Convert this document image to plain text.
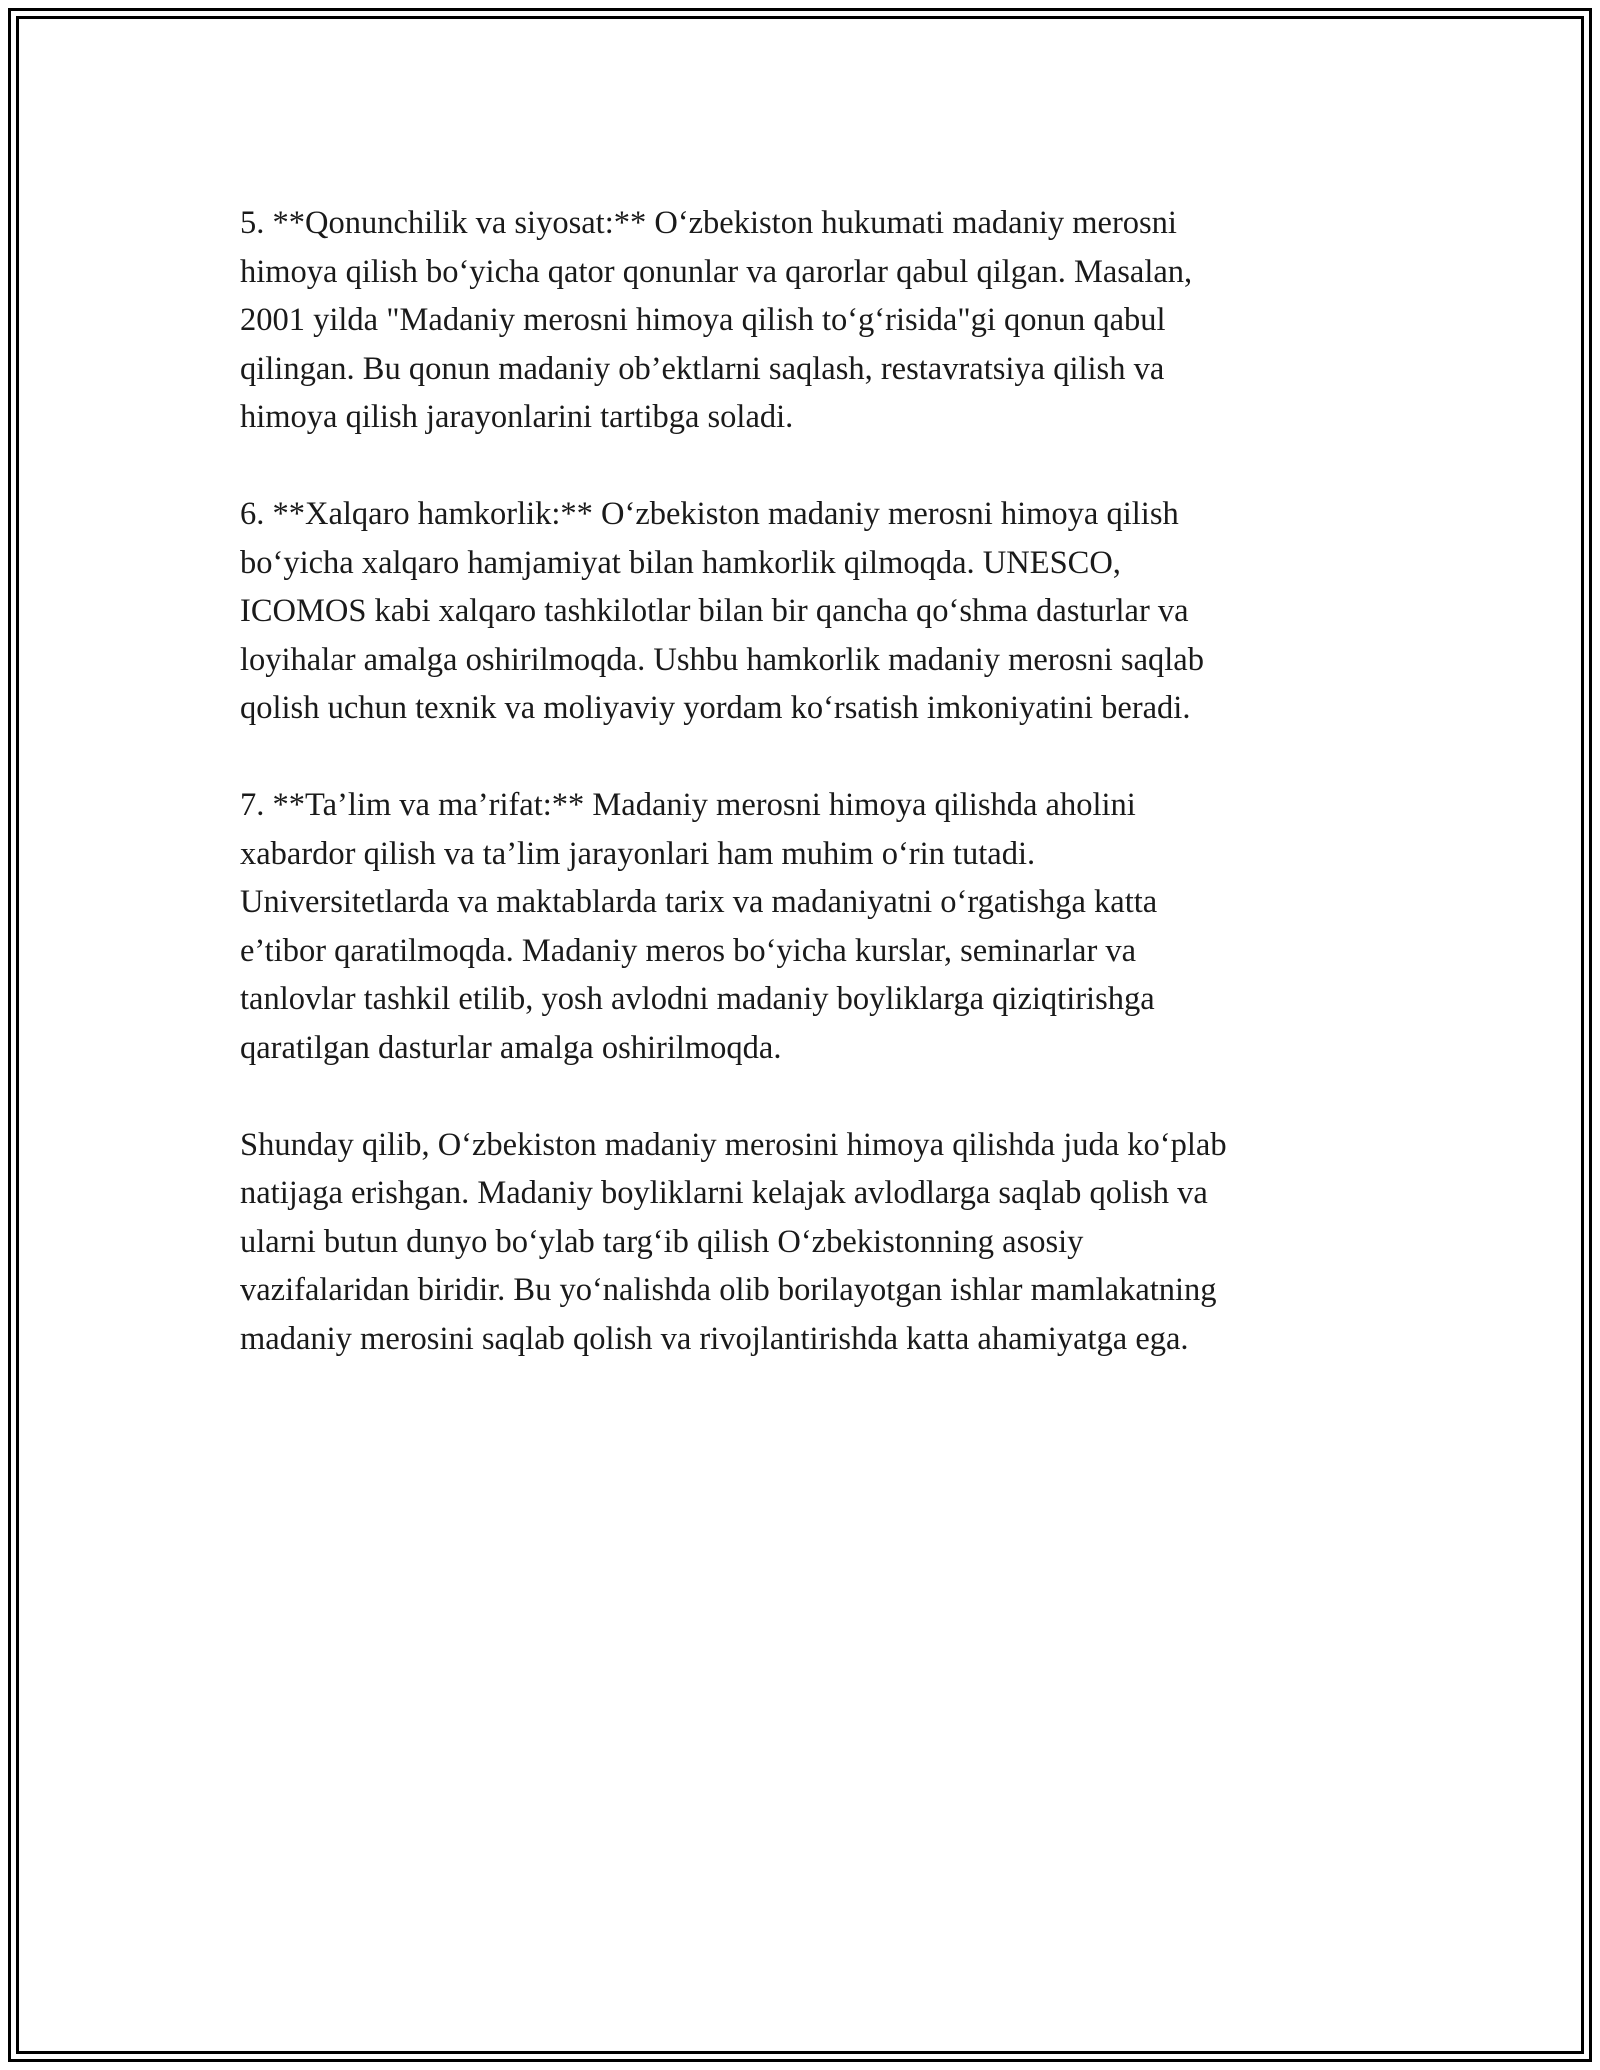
5. **Qonunchilik va siyosat:** O‘zbekiston hukumati madaniy merosni
himoya qilish bo‘yicha qator qonunlar va qarorlar qabul qilgan. Masalan,
2001 yilda "Madaniy merosni himoya qilish to‘g‘risida"gi qonun qabul
qilingan. Bu qonun madaniy ob’ektlarni saqlash, restavratsiya qilish va
himoya qilish jarayonlarini tartibga soladi.

6. **Xalqaro hamkorlik:** O‘zbekiston madaniy merosni himoya qilish
bo‘yicha xalqaro hamjamiyat bilan hamkorlik qilmoqda. UNESCO,
ICOMOS kabi xalqaro tashkilotlar bilan bir qancha qo‘shma dasturlar va
loyihalar amalga oshirilmoqda. Ushbu hamkorlik madaniy merosni saqlab
qolish uchun texnik va moliyaviy yordam ko‘rsatish imkoniyatini beradi.

7. **Ta’lim va ma’rifat:** Madaniy merosni himoya qilishda aholini
xabardor qilish va ta’lim jarayonlari ham muhim o‘rin tutadi.
Universitetlarda va maktablarda tarix va madaniyatni o‘rgatishga katta
e’tibor qaratilmoqda. Madaniy meros bo‘yicha kurslar, seminarlar va
tanlovlar tashkil etilib, yosh avlodni madaniy boyliklarga qiziqtirishga
qaratilgan dasturlar amalga oshirilmoqda.

Shunday qilib, O‘zbekiston madaniy merosini himoya qilishda juda ko‘plab
natijaga erishgan. Madaniy boyliklarni kelajak avlodlarga saqlab qolish va
ularni butun dunyo bo‘ylab targ‘ib qilish O‘zbekistonning asosiy
vazifalaridan biridir. Bu yo‘nalishda olib borilayotgan ishlar mamlakatning
madaniy merosini saqlab qolish va rivojlantirishda katta ahamiyatga ega.
